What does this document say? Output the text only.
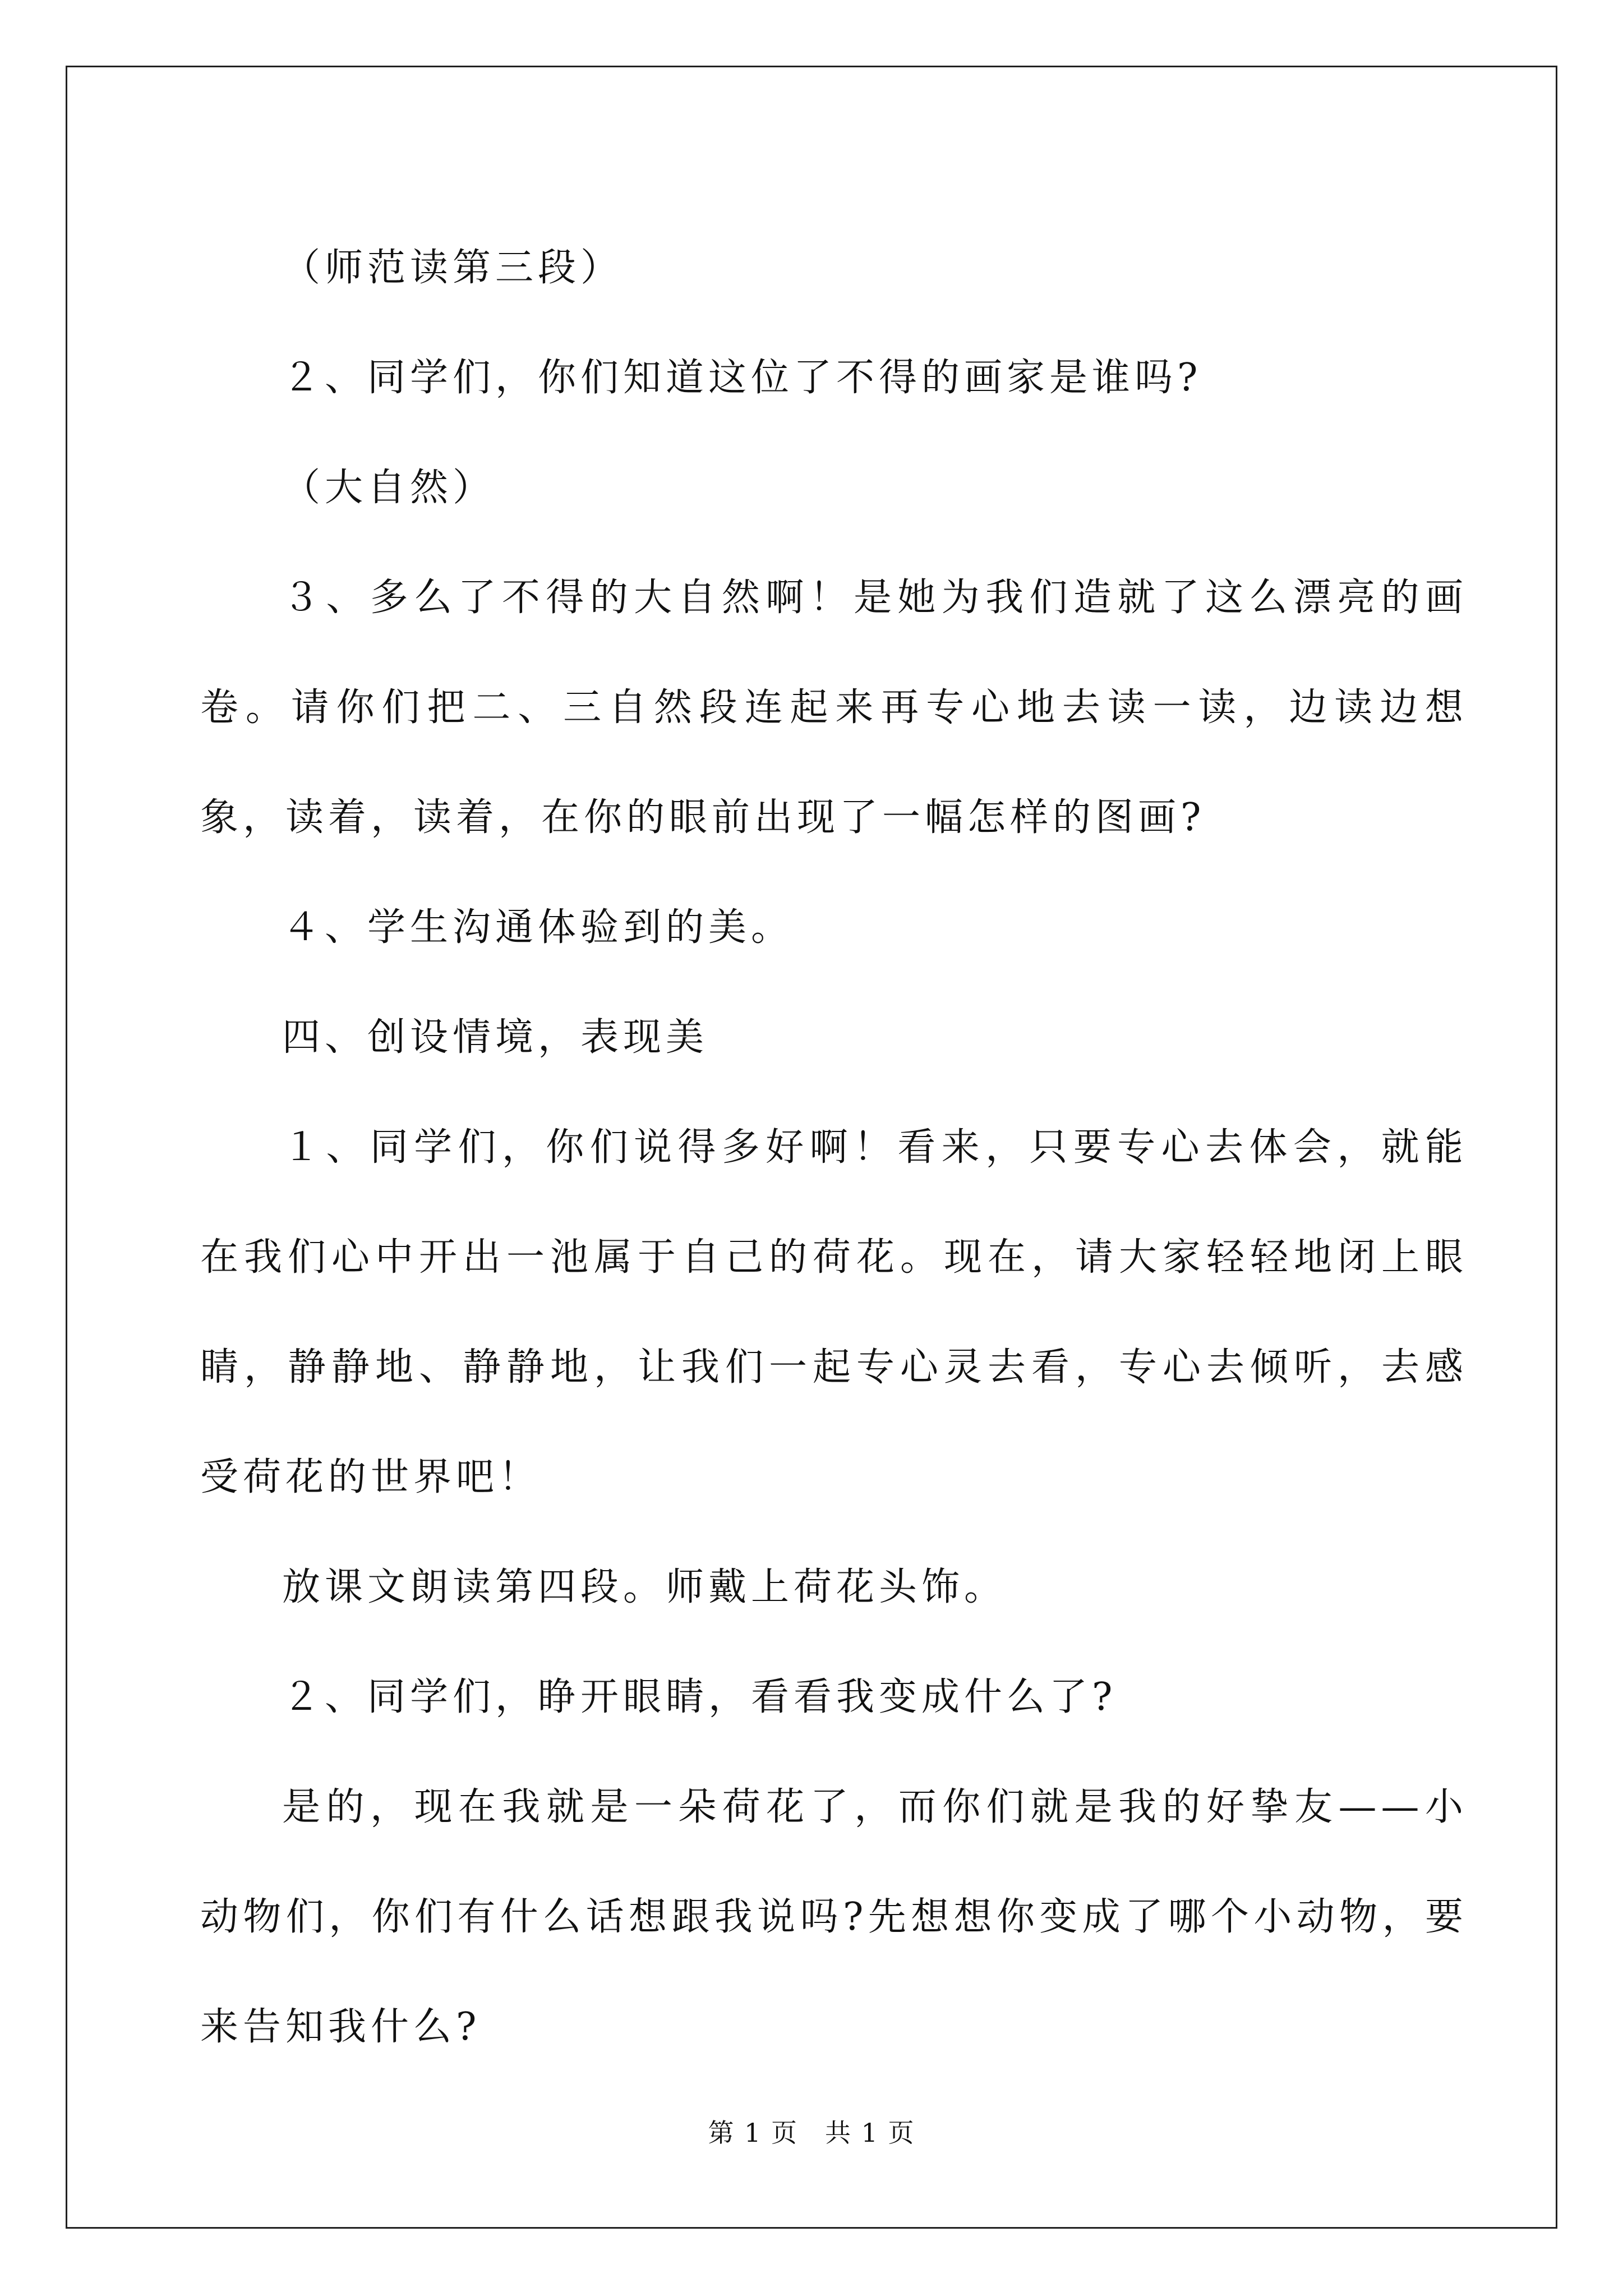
（师范读第三段）

２、同学们，你们知道这位了不得的画家是谁吗?

（大自然）

３、多么了不得的大自然啊！是她为我们造就了这么漂亮的画卷。请你们把二、三自然段连起来再专心地去读一读，边读边想象，读着，读着，在你的眼前出现了一幅怎样的图画?

４、学生沟通体验到的美。

四、创设情境，表现美

１、同学们，你们说得多好啊！看来，只要专心去体会，就能在我们心中开出一池属于自己的荷花。现在，请大家轻轻地闭上眼睛，静静地、静静地，让我们一起专心灵去看，专心去倾听，去感受荷花的世界吧！

放课文朗读第四段。师戴上荷花头饰。

２、同学们，睁开眼睛，看看我变成什么了?

是的，现在我就是一朵荷花了，而你们就是我的好挚友——小动物们，你们有什么话想跟我说吗?先想想你变成了哪个小动物，要来告知我什么?

第 1 页　共 1 页
